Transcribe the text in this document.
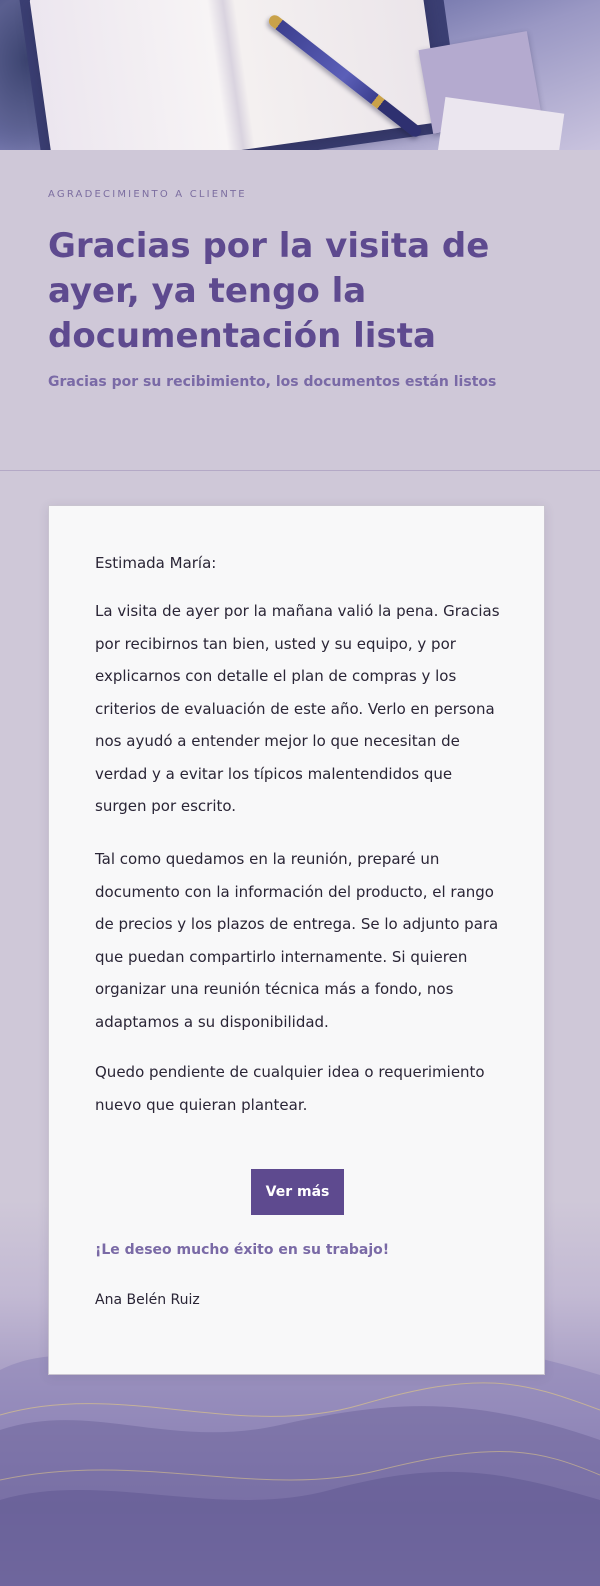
AGRADECIMIENTO A CLIENTE
Gracias por la visita de ayer, ya tengo la documentación lista
Gracias por su recibimiento, los documentos están listos
Estimada María:

La visita de ayer por la mañana valió la pena. Gracias por recibirnos tan bien, usted y su equipo, y por explicarnos con detalle el plan de compras y los criterios de evaluación de este año. Verlo en persona nos ayudó a entender mejor lo que necesitan de verdad y a evitar los típicos malentendidos que surgen por escrito.

Tal como quedamos en la reunión, preparé un documento con la información del producto, el rango de precios y los plazos de entrega. Se lo adjunto para que puedan compartirlo internamente. Si quieren organizar una reunión técnica más a fondo, nos adaptamos a su disponibilidad.

Quedo pendiente de cualquier idea o requerimiento nuevo que quieran plantear.

Ver más
¡Le deseo mucho éxito en su trabajo!
Ana Belén Ruiz
